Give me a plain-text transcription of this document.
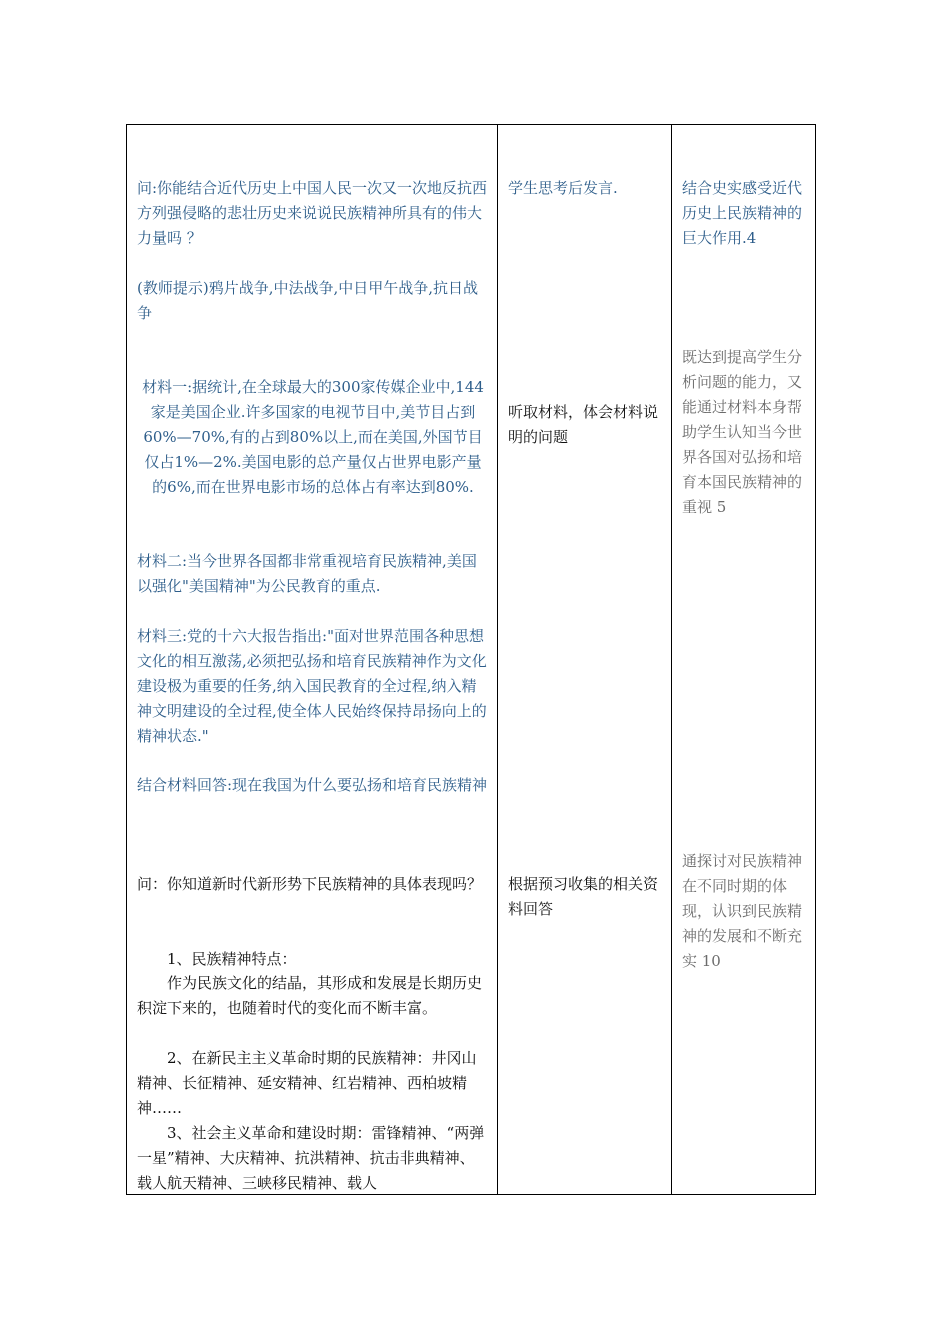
问:你能结合近代历史上中国人民一次又一次地反抗西方列强侵略的悲壮历史来说说民族精神所具有的伟大力量吗 ？

(教师提示)鸦片战争,中法战争,中日甲午战争,抗日战争

材料一:据统计,在全球最大的300家传媒企业中,144家是美国企业.许多国家的电视节目中,美节目占到60%—70%,有的占到80%以上,而在美国,外国节目仅占1%—2%.美国电影的总产量仅占世界电影产量的6%,而在世界电影市场的总体占有率达到80%.

材料二:当今世界各国都非常重视培育民族精神,美国以强化"美国精神"为公民教育的重点.

材料三:党的十六大报告指出:"面对世界范围各种思想文化的相互激荡,必须把弘扬和培育民族精神作为文化建设极为重要的任务,纳入国民教育的全过程,纳入精神文明建设的全过程,使全体人民始终保持昂扬向上的精神状态."

结合材料回答:现在我国为什么要弘扬和培育民族精神

问：你知道新时代新形势下民族精神的具体表现吗？

1、民族精神特点：

作为民族文化的结晶，其形成和发展是长期历史积淀下来的，也随着时代的变化而不断丰富。

2、在新民主主义革命时期的民族精神：井冈山精神、长征精神、延安精神、红岩精神、西柏坡精神……

3、社会主义革命和建设时期：雷锋精神、“两弹一星”精神、大庆精神、抗洪精神、抗击非典精神、载人航天精神、三峡移民精神、载人

学生思考后发言.

听取材料，体会材料说明的问题

根据预习收集的相关资料回答

结合史实感受近代历史上民族精神的巨大作用.4

既达到提高学生分析问题的能力，又能通过材料本身帮助学生认知当今世界各国对弘扬和培育本国民族精神的重视 5

通探讨对民族精神在不同时期的体现，认识到民族精神的发展和不断充实 10
